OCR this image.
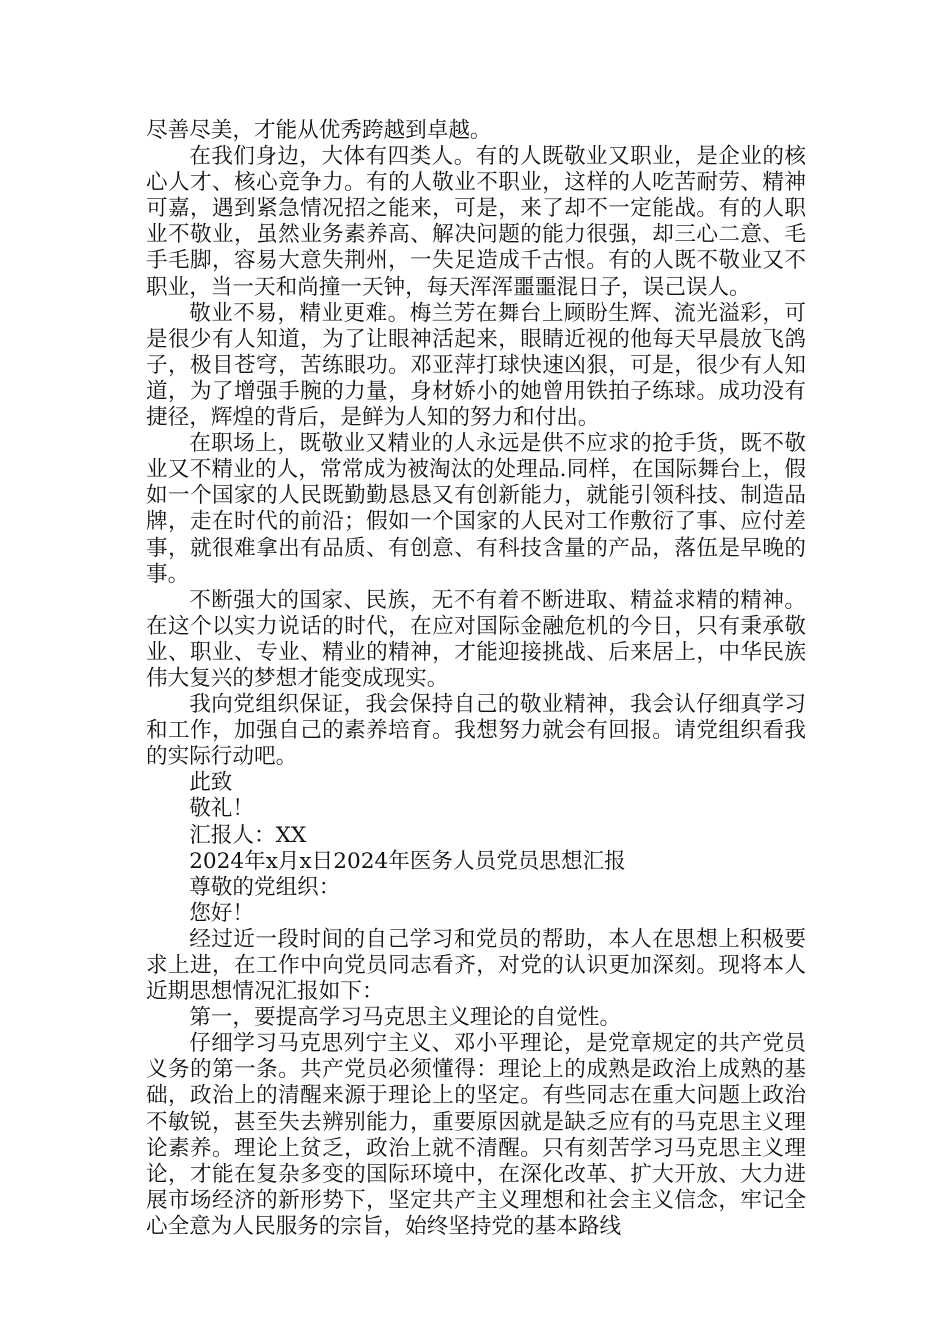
尽善尽美，才能从优秀跨越到卓越。

在我们身边，大体有四类人。有的人既敬业又职业，是企业的核心人才、核心竞争力。有的人敬业不职业，这样的人吃苦耐劳、精神可嘉，遇到紧急情况招之能来，可是，来了却不一定能战。有的人职业不敬业，虽然业务素养高、解决问题的能力很强，却三心二意、毛手毛脚，容易大意失荆州，一失足造成千古恨。有的人既不敬业又不职业，当一天和尚撞一天钟，每天浑浑噩噩混日子，误己误人。

敬业不易，精业更难。梅兰芳在舞台上顾盼生辉、流光溢彩，可是很少有人知道，为了让眼神活起来，眼睛近视的他每天早晨放飞鸽子，极目苍穹，苦练眼功。邓亚萍打球快速凶狠，可是，很少有人知道，为了增强手腕的力量，身材娇小的她曾用铁拍子练球。成功没有捷径，辉煌的背后，是鲜为人知的努力和付出。

在职场上，既敬业又精业的人永远是供不应求的抢手货，既不敬业又不精业的人，常常成为被淘汰的处理品.同样，在国际舞台上，假如一个国家的人民既勤勤恳恳又有创新能力，就能引领科技、制造品牌，走在时代的前沿；假如一个国家的人民对工作敷衍了事、应付差事，就很难拿出有品质、有创意、有科技含量的产品，落伍是早晚的事。

不断强大的国家、民族，无不有着不断进取、精益求精的精神。在这个以实力说话的时代，在应对国际金融危机的今日，只有秉承敬业、职业、专业、精业的精神，才能迎接挑战、后来居上，中华民族伟大复兴的梦想才能变成现实。

我向党组织保证，我会保持自己的敬业精神，我会认仔细真学习和工作，加强自己的素养培育。我想努力就会有回报。请党组织看我的实际行动吧。

此致

敬礼！

汇报人：XX

2024年x月x日2024年医务人员党员思想汇报

尊敬的党组织：

您好！

经过近一段时间的自己学习和党员的帮助，本人在思想上积极要求上进，在工作中向党员同志看齐，对党的认识更加深刻。现将本人近期思想情况汇报如下：

第一，要提高学习马克思主义理论的自觉性。

仔细学习马克思列宁主义、邓小平理论，是党章规定的共产党员义务的第一条。共产党员必须懂得：理论上的成熟是政治上成熟的基础，政治上的清醒来源于理论上的坚定。有些同志在重大问题上政治不敏锐，甚至失去辨别能力，重要原因就是缺乏应有的马克思主义理论素养。理论上贫乏，政治上就不清醒。只有刻苦学习马克思主义理论，才能在复杂多变的国际环境中，在深化改革、扩大开放、大力进展市场经济的新形势下，坚定共产主义理想和社会主义信念，牢记全心全意为人民服务的宗旨，始终坚持党的基本路线
